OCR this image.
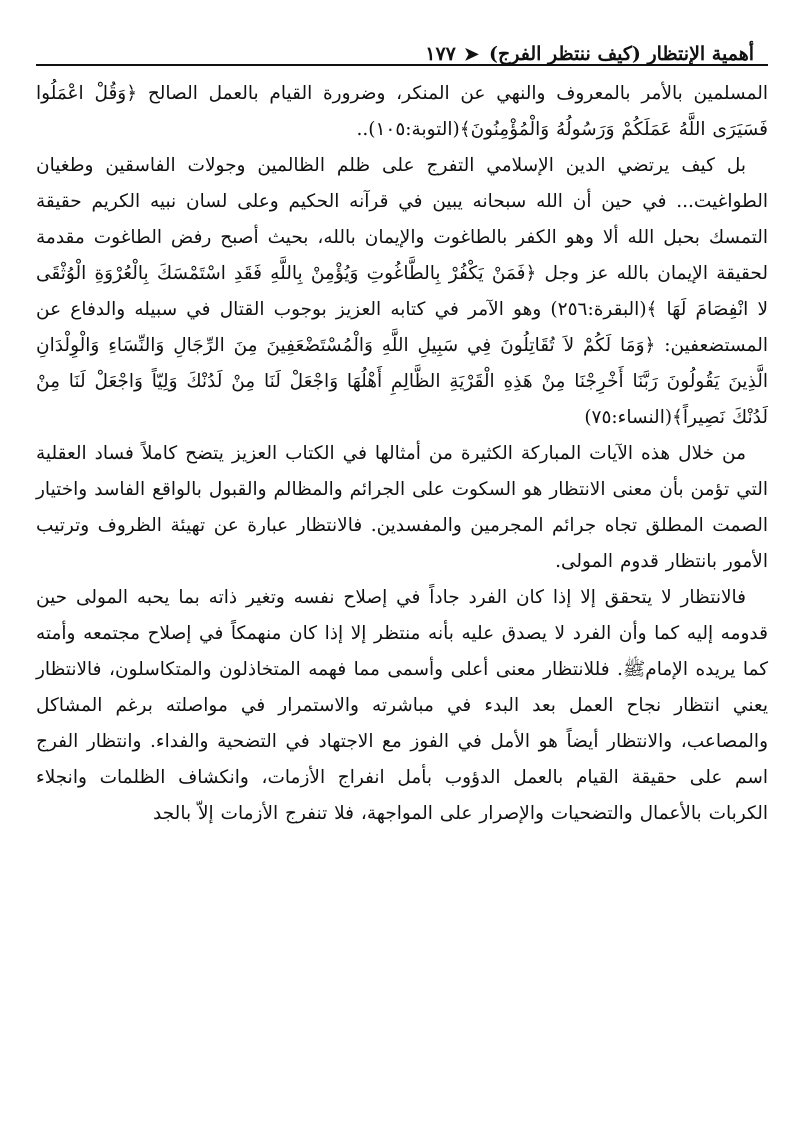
أهمية الإنتظار (كيف ننتظر الفرج)
➤
١٧٧

المسلمين بالأمر بالمعروف والنهي عن المنكر، وضرورة القيام بالعمل الصالح ﴿وَقُلْ اعْمَلُوا فَسَيَرَى اللَّهُ عَمَلَكُمْ وَرَسُولُهُ وَالْمُؤْمِنُونَ﴾(التوبة:١٠٥)..

بل كيف يرتضي الدين الإسلامي التفرج على ظلم الظالمين وجولات الفاسقين وطغيان الطواغيت... في حين أن الله سبحانه يبين في قرآنه الحكيم وعلى لسان نبيه الكريم حقيقة التمسك بحبل الله ألا وهو الكفر بالطاغوت والإيمان بالله، بحيث أصبح رفض الطاغوت مقدمة لحقيقة الإيمان بالله عز وجل ﴿فَمَنْ يَكْفُرْ بِالطَّاغُوتِ وَيُؤْمِنْ بِاللَّهِ فَقَدِ اسْتَمْسَكَ بِالْعُرْوَةِ الْوُثْقَى لا انْفِصَامَ لَهَا ﴾(البقرة:٢٥٦) وهو الآمر في كتابه العزيز بوجوب القتال في سبيله والدفاع عن المستضعفين: ﴿وَمَا لَكُمْ لاَ تُقَاتِلُونَ فِي سَبِيلِ اللَّهِ وَالْمُسْتَضْعَفِينَ مِنَ الرِّجَالِ وَالنِّسَاءِ وَالْوِلْدَانِ الَّذِينَ يَقُولُونَ رَبَّنَا أَخْرِجْنَا مِنْ هَذِهِ الْقَرْيَةِ الظَّالِمِ أَهْلُهَا وَاجْعَلْ لَنَا مِنْ لَدُنْكَ وَلِيّاً وَاجْعَلْ لَنَا مِنْ لَدُنْكَ نَصِيراً﴾(النساء:٧٥)

من خلال هذه الآيات المباركة الكثيرة من أمثالها في الكتاب العزيز يتضح كاملاً فساد العقلية التي تؤمن بأن معنى الانتظار هو السكوت على الجرائم والمظالم والقبول بالواقع الفاسد واختيار الصمت المطلق تجاه جرائم المجرمين والمفسدين. فالانتظار عبارة عن تهيئة الظروف وترتيب الأمور بانتظار قدوم المولى.

فالانتظار لا يتحقق إلا إذا كان الفرد جاداً في إصلاح نفسه وتغير ذاته بما يحبه المولى حين قدومه إليه كما وأن الفرد لا يصدق عليه بأنه منتظر إلا إذا كان منهمكاً في إصلاح مجتمعه وأمته كما يريده الإمامﷺ. فللانتظار معنى أعلى وأسمى مما فهمه المتخاذلون والمتكاسلون، فالانتظار يعني انتظار نجاح العمل بعد البدء في مباشرته والاستمرار في مواصلته برغم المشاكل والمصاعب، والانتظار أيضاً هو الأمل في الفوز مع الاجتهاد في التضحية والفداء. وانتظار الفرج اسم على حقيقة القيام بالعمل الدؤوب بأمل انفراج الأزمات، وانكشاف الظلمات وانجلاء الكربات بالأعمال والتضحيات والإصرار على المواجهة، فلا تنفرج الأزمات إلاّ بالجد
